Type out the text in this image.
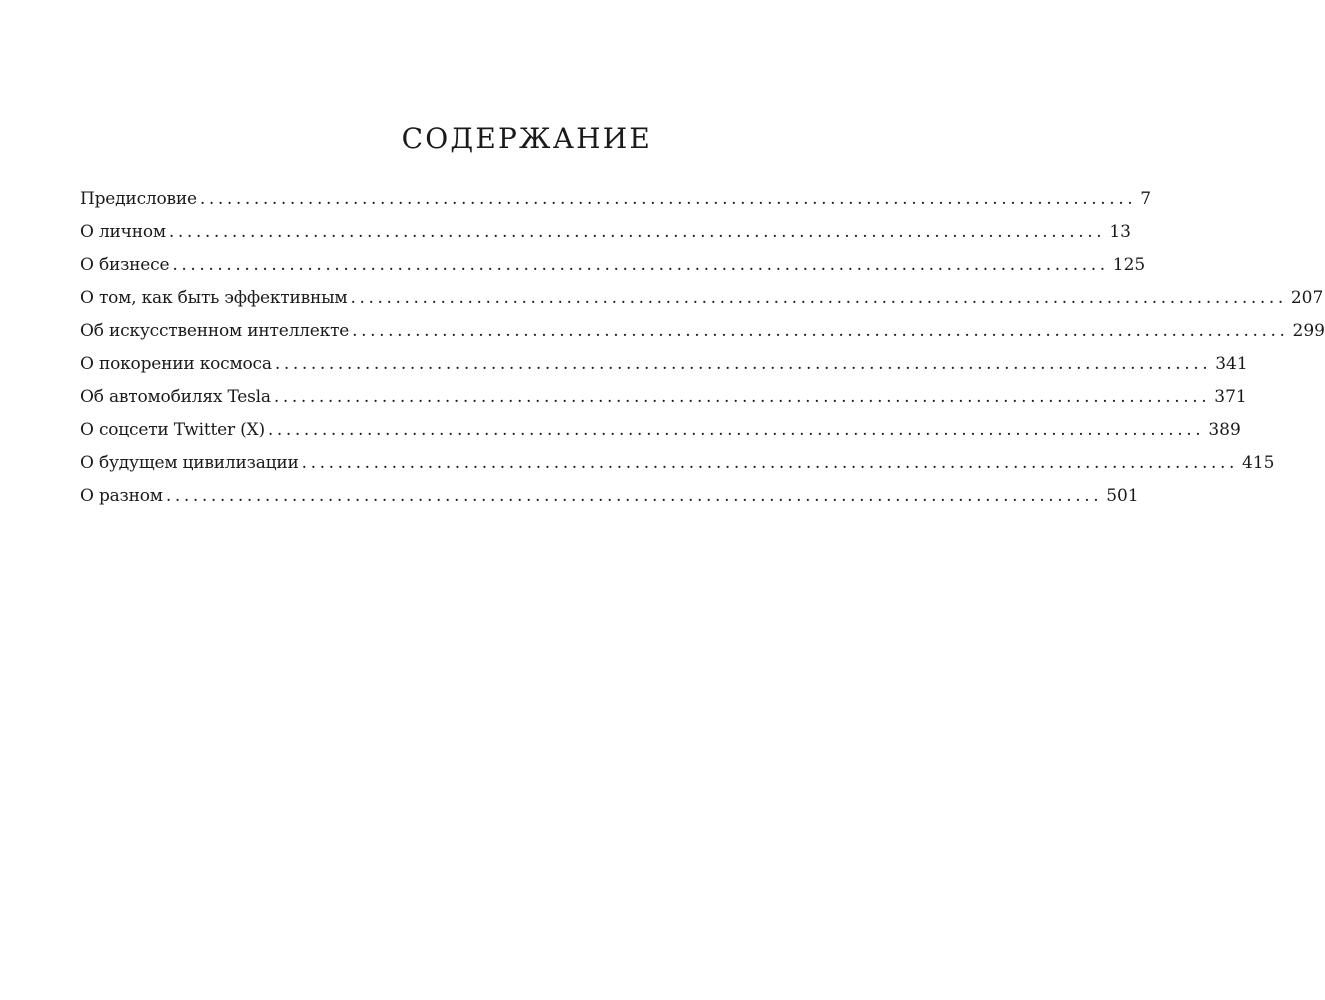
СОДЕРЖАНИЕ
Предисловие ........................................................................................................ 7
О личном ........................................................................................................ 13
О бизнесе ........................................................................................................ 125
О том, как быть эффективным ........................................................................................................ 207
Об искусственном интеллекте ........................................................................................................ 299
О покорении космоса ........................................................................................................ 341
Об автомобилях Tesla ........................................................................................................ 371
О соцсети Twitter (X) ........................................................................................................ 389
О будущем цивилизации ........................................................................................................ 415
О разном ........................................................................................................ 501
